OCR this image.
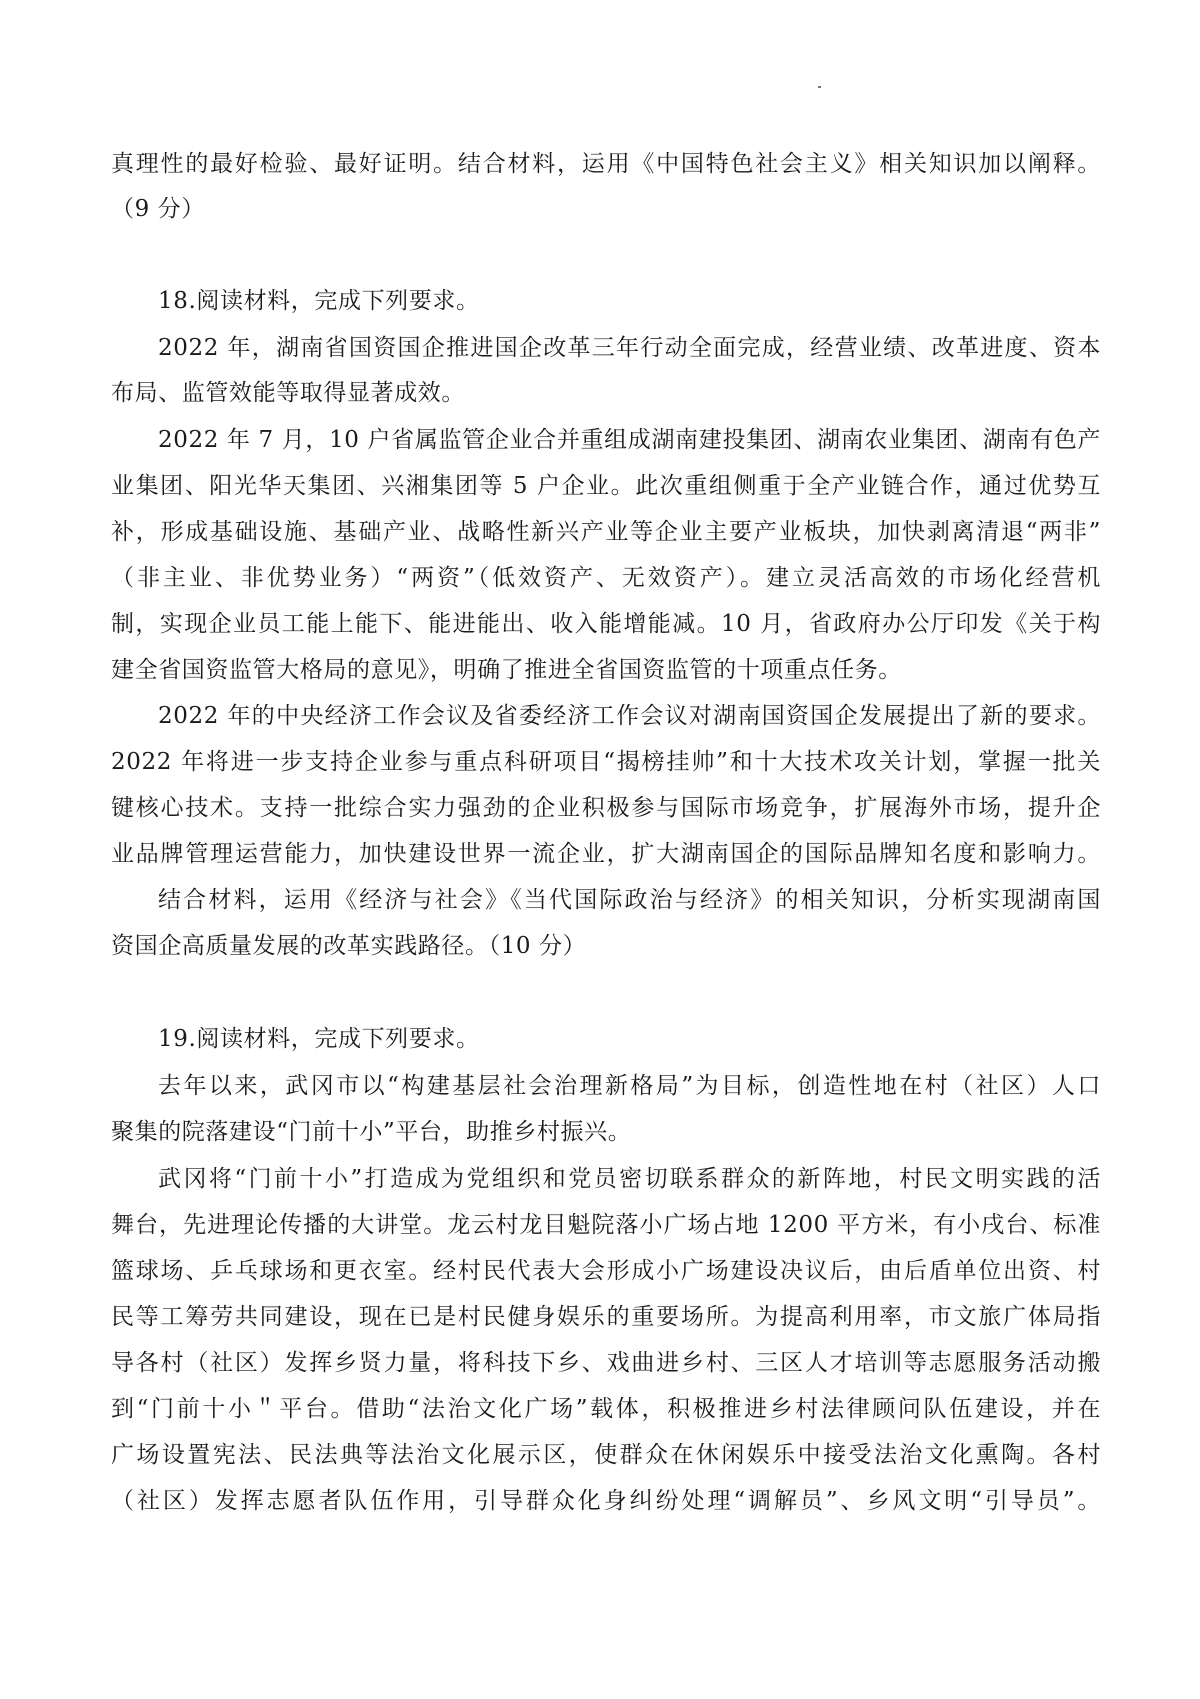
真理性的最好检验、最好证明。结合材料，运用《中国特色社会主义》相关知识加以阐释。
（9 分）
18.阅读材料，完成下列要求。
2022 年，湖南省国资国企推进国企改革三年行动全面完成，经营业绩、改革进度、资本
布局、监管效能等取得显著成效。
2022 年 7 月，10 户省属监管企业合并重组成湖南建投集团、湖南农业集团、湖南有色产
业集团、阳光华天集团、兴湘集团等 5 户企业。此次重组侧重于全产业链合作，通过优势互
补，形成基础设施、基础产业、战略性新兴产业等企业主要产业板块，加快剥离清退“两非”
（非主业、非优势业务）“两资”（低效资产、无效资产）。建立灵活高效的市场化经营机
制，实现企业员工能上能下、能进能出、收入能增能减。10 月，省政府办公厅印发《关于构
建全省国资监管大格局的意见》，明确了推进全省国资监管的十项重点任务。
2022 年的中央经济工作会议及省委经济工作会议对湖南国资国企发展提出了新的要求。
2022 年将进一步支持企业参与重点科研项目“揭榜挂帅”和十大技术攻关计划，掌握一批关
键核心技术。支持一批综合实力强劲的企业积极参与国际市场竞争，扩展海外市场，提升企
业品牌管理运营能力，加快建设世界一流企业，扩大湖南国企的国际品牌知名度和影响力。
结合材料，运用《经济与社会》《当代国际政治与经济》的相关知识，分析实现湖南国
资国企高质量发展的改革实践路径。（10 分）
19.阅读材料，完成下列要求。
去年以来，武冈市以“构建基层社会治理新格局”为目标，创造性地在村（社区）人口
聚集的院落建设“门前十小”平台，助推乡村振兴。
武冈将“门前十小”打造成为党组织和党员密切联系群众的新阵地，村民文明实践的活
舞台，先进理论传播的大讲堂。龙云村龙目魁院落小广场占地 1200 平方米，有小戌台、标准
篮球场、乒乓球场和更衣室。经村民代表大会形成小广场建设决议后，由后盾单位出资、村
民等工筹劳共同建设，现在已是村民健身娱乐的重要场所。为提高利用率，市文旅广体局指
导各村（社区）发挥乡贤力量，将科技下乡、戏曲进乡村、三区人才培训等志愿服务活动搬
到“门前十小＂平台。借助“法治文化广场”载体，积极推进乡村法律顾问队伍建设，并在
广场设置宪法、民法典等法治文化展示区，使群众在休闲娱乐中接受法治文化熏陶。各村
（社区）发挥志愿者队伍作用，引导群众化身纠纷处理“调解员”、乡风文明“引导员”。
